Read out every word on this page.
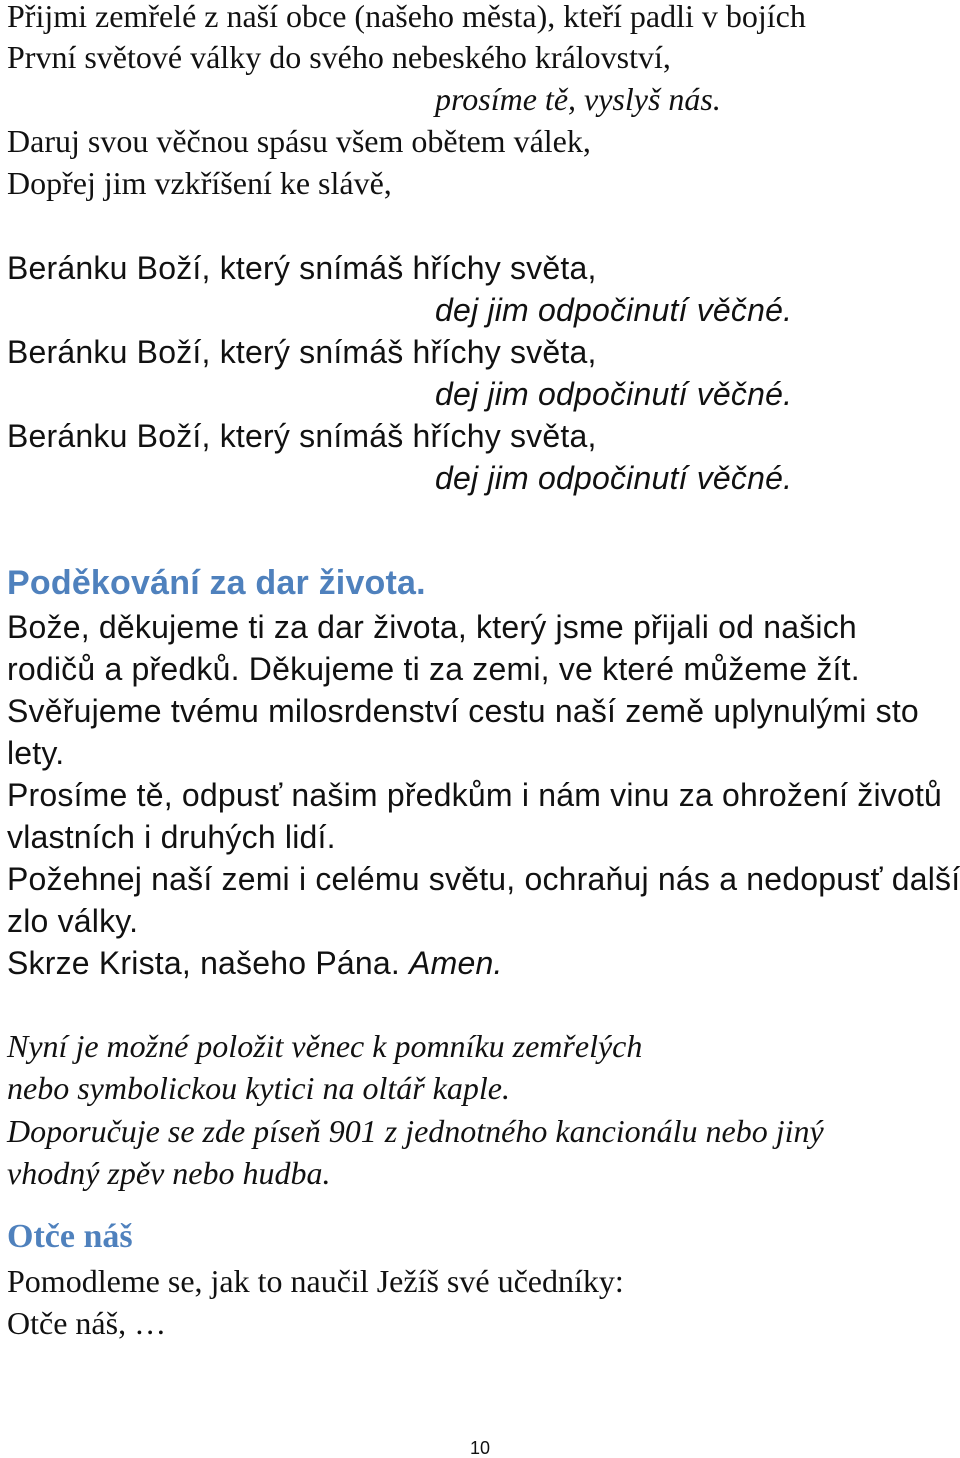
Přijmi zemřelé z naší obce (našeho města), kteří padli v bojích
První světové války do svého nebeského království,
prosíme tě, vyslyš nás.
Daruj svou věčnou spásu všem obětem válek,
Dopřej jim vzkříšení ke slávě,
Beránku Boží, který snímáš hříchy světa,
dej jim odpočinutí věčné.
Beránku Boží, který snímáš hříchy světa,
dej jim odpočinutí věčné.
Beránku Boží, který snímáš hříchy světa,
dej jim odpočinutí věčné.
Poděkování za dar života.
Bože, děkujeme ti za dar života, který jsme přijali od našich
rodičů a předků. Děkujeme ti za zemi, ve které můžeme žít.
Svěřujeme tvému milosrdenství cestu naší země uplynulými sto
lety.
Prosíme tě, odpusť našim předkům i nám vinu za ohrožení životů
vlastních i druhých lidí.
Požehnej naší zemi i celému světu, ochraňuj nás a nedopusť další
zlo války.
Skrze Krista, našeho Pána. Amen.
Nyní je možné položit věnec k pomníku zemřelých
nebo symbolickou kytici na oltář kaple.
Doporučuje se zde píseň 901 z jednotného kancionálu nebo jiný
vhodný zpěv nebo hudba.
Otče náš
Pomodleme se, jak to naučil Ježíš své učedníky:
Otče náš, …
10
